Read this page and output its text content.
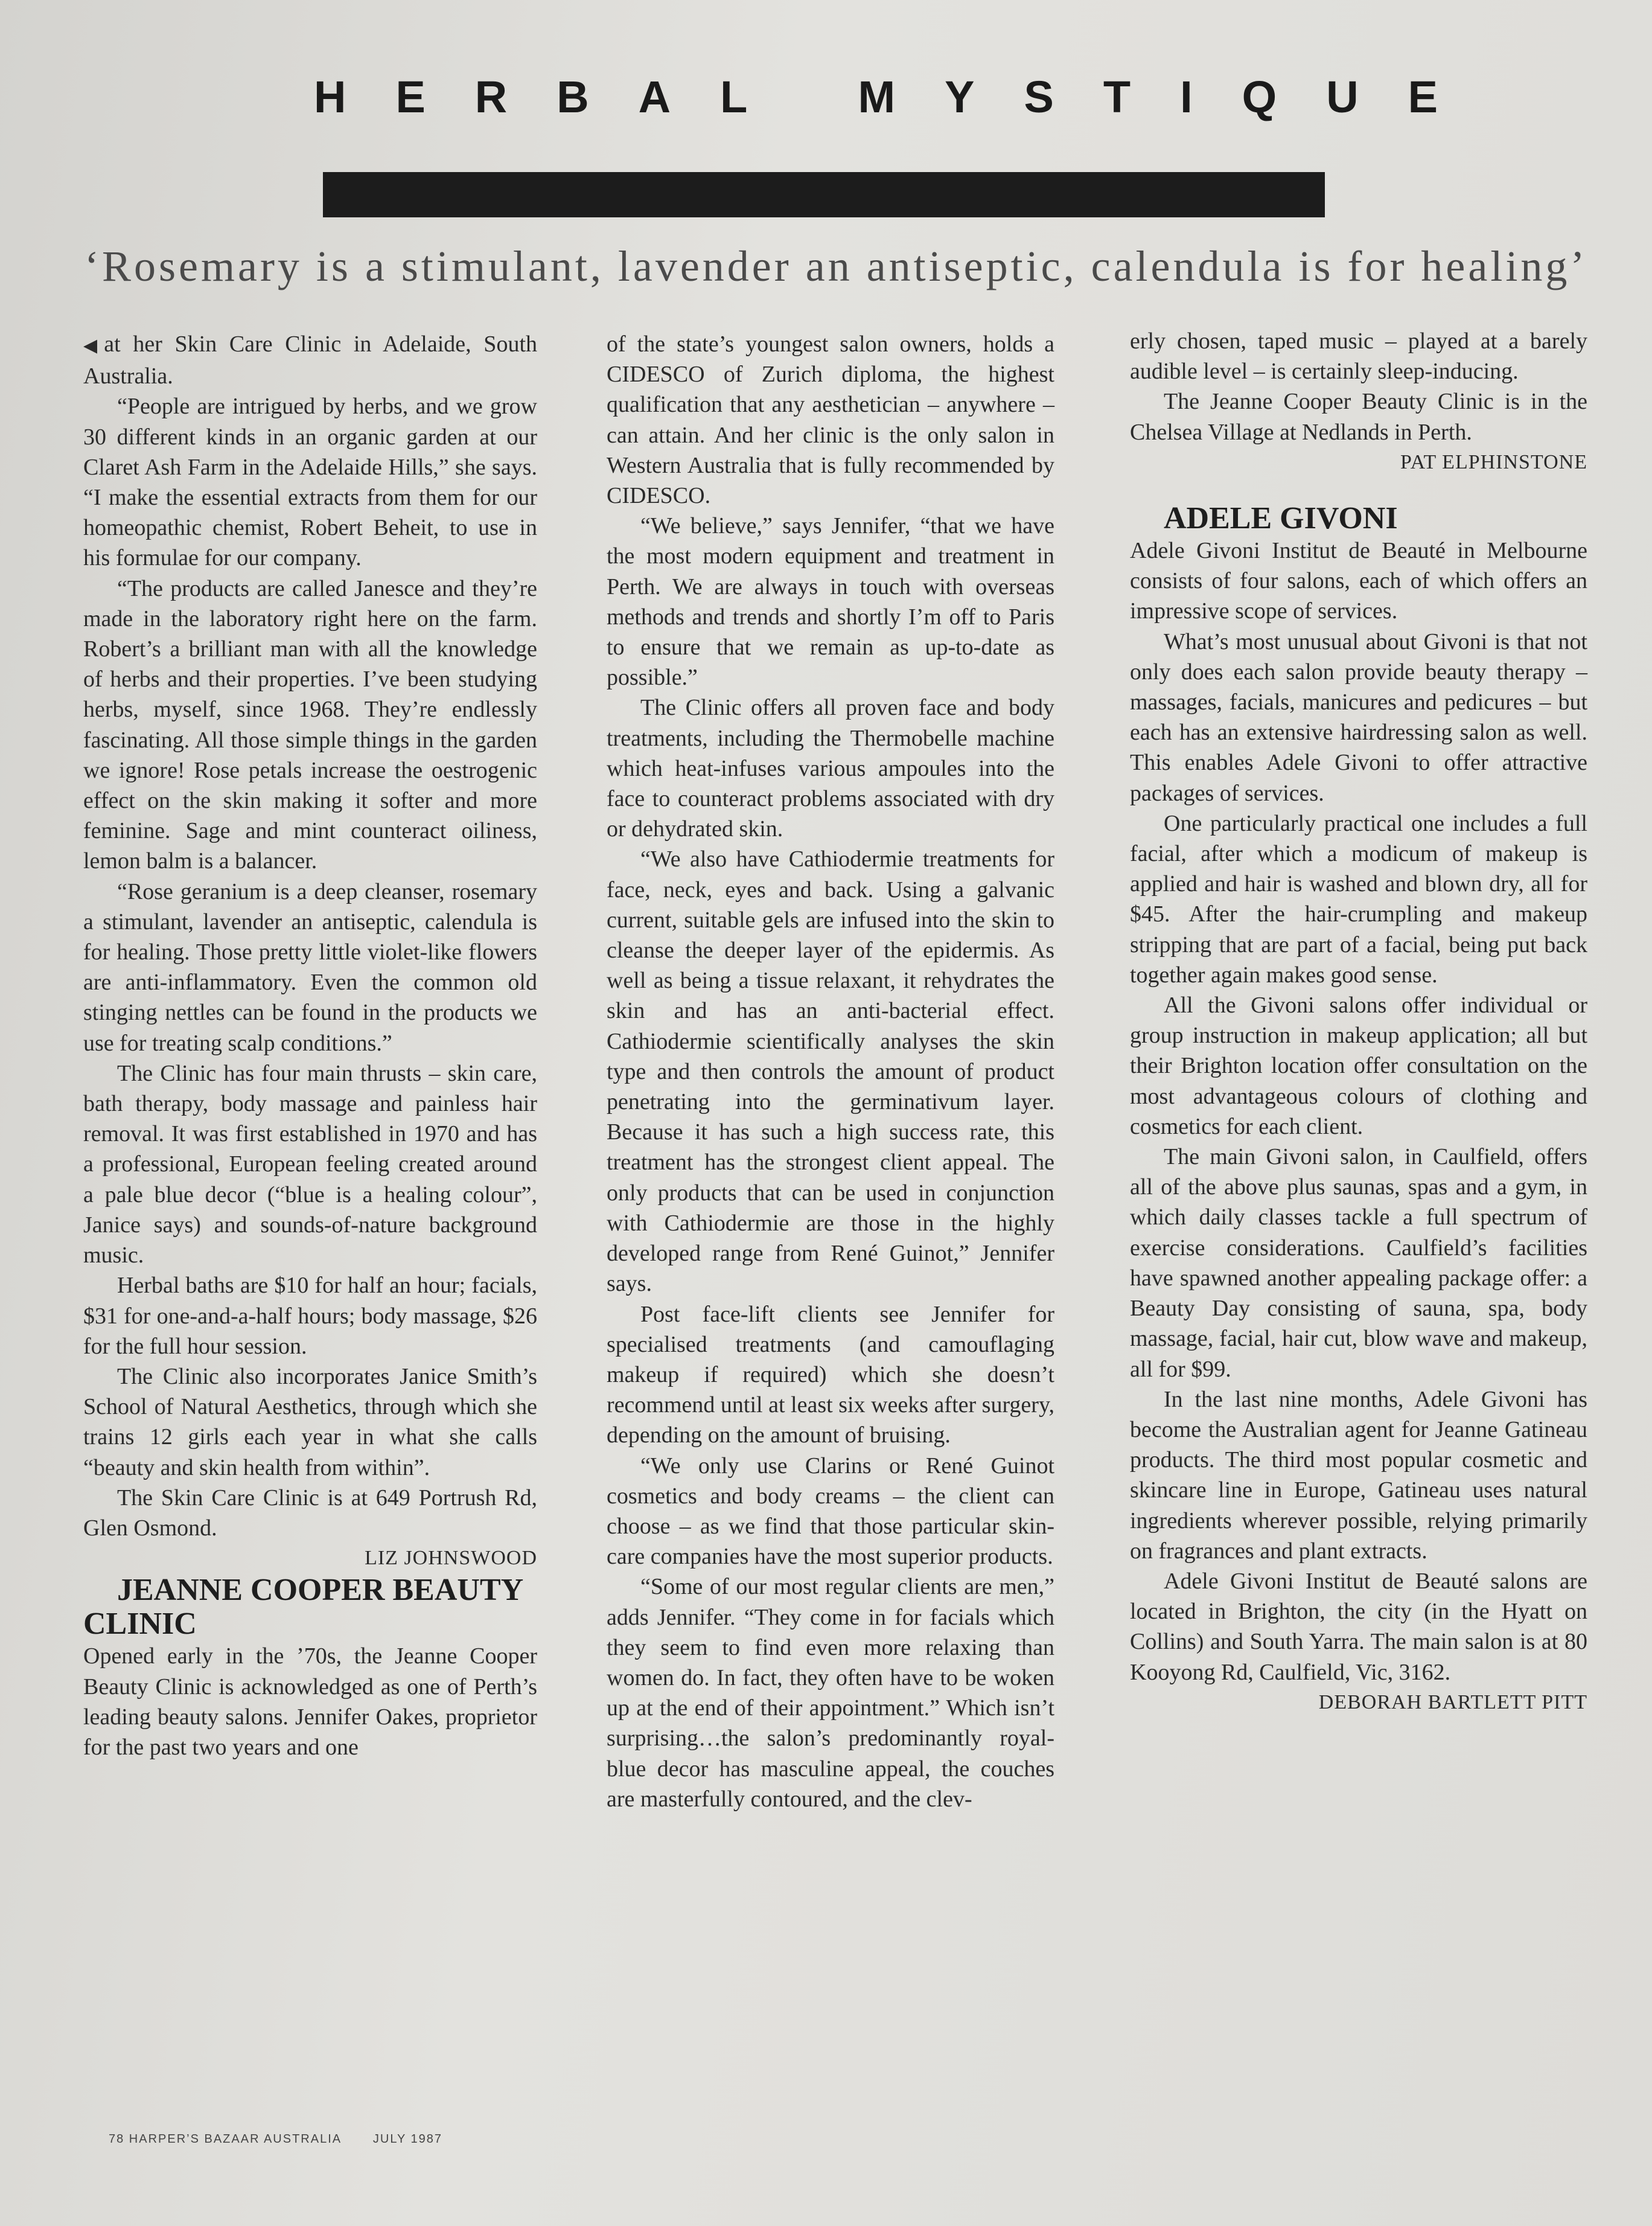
HERBAL MYSTIQUE
‘Rosemary is a stimulant, lavender an antiseptic, calendula is for healing’

◀at her Skin Care Clinic in Adelaide, South Australia.

“People are intrigued by herbs, and we grow 30 different kinds in an organic garden at our Claret Ash Farm in the Adelaide Hills,” she says. “I make the essential extracts from them for our homeopathic chemist, Robert Beheit, to use in his formulae for our company.

“The products are called Janesce and they’re made in the laboratory right here on the farm. Robert’s a brilliant man with all the knowledge of herbs and their properties. I’ve been studying herbs, myself, since 1968. They’re endlessly fascinating. All those simple things in the garden we ignore! Rose petals increase the oestrogenic effect on the skin making it softer and more feminine. Sage and mint counteract oiliness, lemon balm is a balancer.

“Rose geranium is a deep cleanser, rosemary a stimulant, lavender an antiseptic, calendula is for healing. Those pretty little violet-like flowers are anti-inflammatory. Even the common old stinging nettles can be found in the products we use for treating scalp conditions.”

The Clinic has four main thrusts – skin care, bath therapy, body massage and painless hair removal. It was first established in 1970 and has a professional, European feeling created around a pale blue decor (“blue is a healing colour”, Janice says) and sounds-of-nature background music.

Herbal baths are $10 for half an hour; facials, $31 for one-and-a-half hours; body massage, $26 for the full hour session.

The Clinic also incorporates Janice Smith’s School of Natural Aesthetics, through which she trains 12 girls each year in what she calls “beauty and skin health from within”.

The Skin Care Clinic is at 649 Portrush Rd, Glen Osmond.

LIZ JOHNSWOOD

JEANNE COOPER BEAUTY CLINIC

Opened early in the ’70s, the Jeanne Cooper Beauty Clinic is acknowledged as one of Perth’s leading beauty salons. Jennifer Oakes, proprietor for the past two years and one

of the state’s youngest salon owners, holds a CIDESCO of Zurich diploma, the highest qualification that any aesthetician – anywhere – can attain. And her clinic is the only salon in Western Australia that is fully recommended by CIDESCO.

“We believe,” says Jennifer, “that we have the most modern equipment and treatment in Perth. We are always in touch with overseas methods and trends and shortly I’m off to Paris to ensure that we remain as up-to-date as possible.”

The Clinic offers all proven face and body treatments, including the Thermobelle machine which heat-infuses various ampoules into the face to counteract problems associated with dry or dehydrated skin.

“We also have Cathiodermie treatments for face, neck, eyes and back. Using a galvanic current, suitable gels are infused into the skin to cleanse the deeper layer of the epidermis. As well as being a tissue relaxant, it rehydrates the skin and has an anti-bacterial effect. Cathiodermie scientifically analyses the skin type and then controls the amount of product penetrating into the germinativum layer. Because it has such a high success rate, this treatment has the strongest client appeal. The only products that can be used in conjunction with Cathiodermie are those in the highly developed range from René Guinot,” Jennifer says.

Post face-lift clients see Jennifer for specialised treatments (and camouflaging makeup if required) which she doesn’t recommend until at least six weeks after surgery, depending on the amount of bruising.

“We only use Clarins or René Guinot cosmetics and body creams – the client can choose – as we find that those particular skin-care companies have the most superior products.

“Some of our most regular clients are men,” adds Jennifer. “They come in for facials which they seem to find even more relaxing than women do. In fact, they often have to be woken up at the end of their appointment.” Which isn’t surprising…the salon’s predominantly royal-blue decor has masculine appeal, the couches are masterfully contoured, and the clev-

erly chosen, taped music – played at a barely audible level – is certainly sleep-inducing.

The Jeanne Cooper Beauty Clinic is in the Chelsea Village at Nedlands in Perth.

PAT ELPHINSTONE

ADELE GIVONI

Adele Givoni Institut de Beauté in Melbourne consists of four salons, each of which offers an impressive scope of services.

What’s most unusual about Givoni is that not only does each salon provide beauty therapy – massages, facials, manicures and pedicures – but each has an extensive hairdressing salon as well. This enables Adele Givoni to offer attractive packages of services.

One particularly practical one includes a full facial, after which a modicum of makeup is applied and hair is washed and blown dry, all for $45. After the hair-crumpling and makeup stripping that are part of a facial, being put back together again makes good sense.

All the Givoni salons offer individual or group instruction in makeup application; all but their Brighton location offer consultation on the most advantageous colours of clothing and cosmetics for each client.

The main Givoni salon, in Caulfield, offers all of the above plus saunas, spas and a gym, in which daily classes tackle a full spectrum of exercise considerations. Caulfield’s facilities have spawned another appealing package offer: a Beauty Day consisting of sauna, spa, body massage, facial, hair cut, blow wave and makeup, all for $99.

In the last nine months, Adele Givoni has become the Australian agent for Jeanne Gatineau products. The third most popular cosmetic and skincare line in Europe, Gatineau uses natural ingredients wherever possible, relying primarily on fragrances and plant extracts.

Adele Givoni Institut de Beauté salons are located in Brighton, the city (in the Hyatt on Collins) and South Yarra. The main salon is at 80 Kooyong Rd, Caulfield, Vic, 3162.

DEBORAH BARTLETT PITT

78 HARPER’S BAZAAR AUSTRALIA	JULY 1987
